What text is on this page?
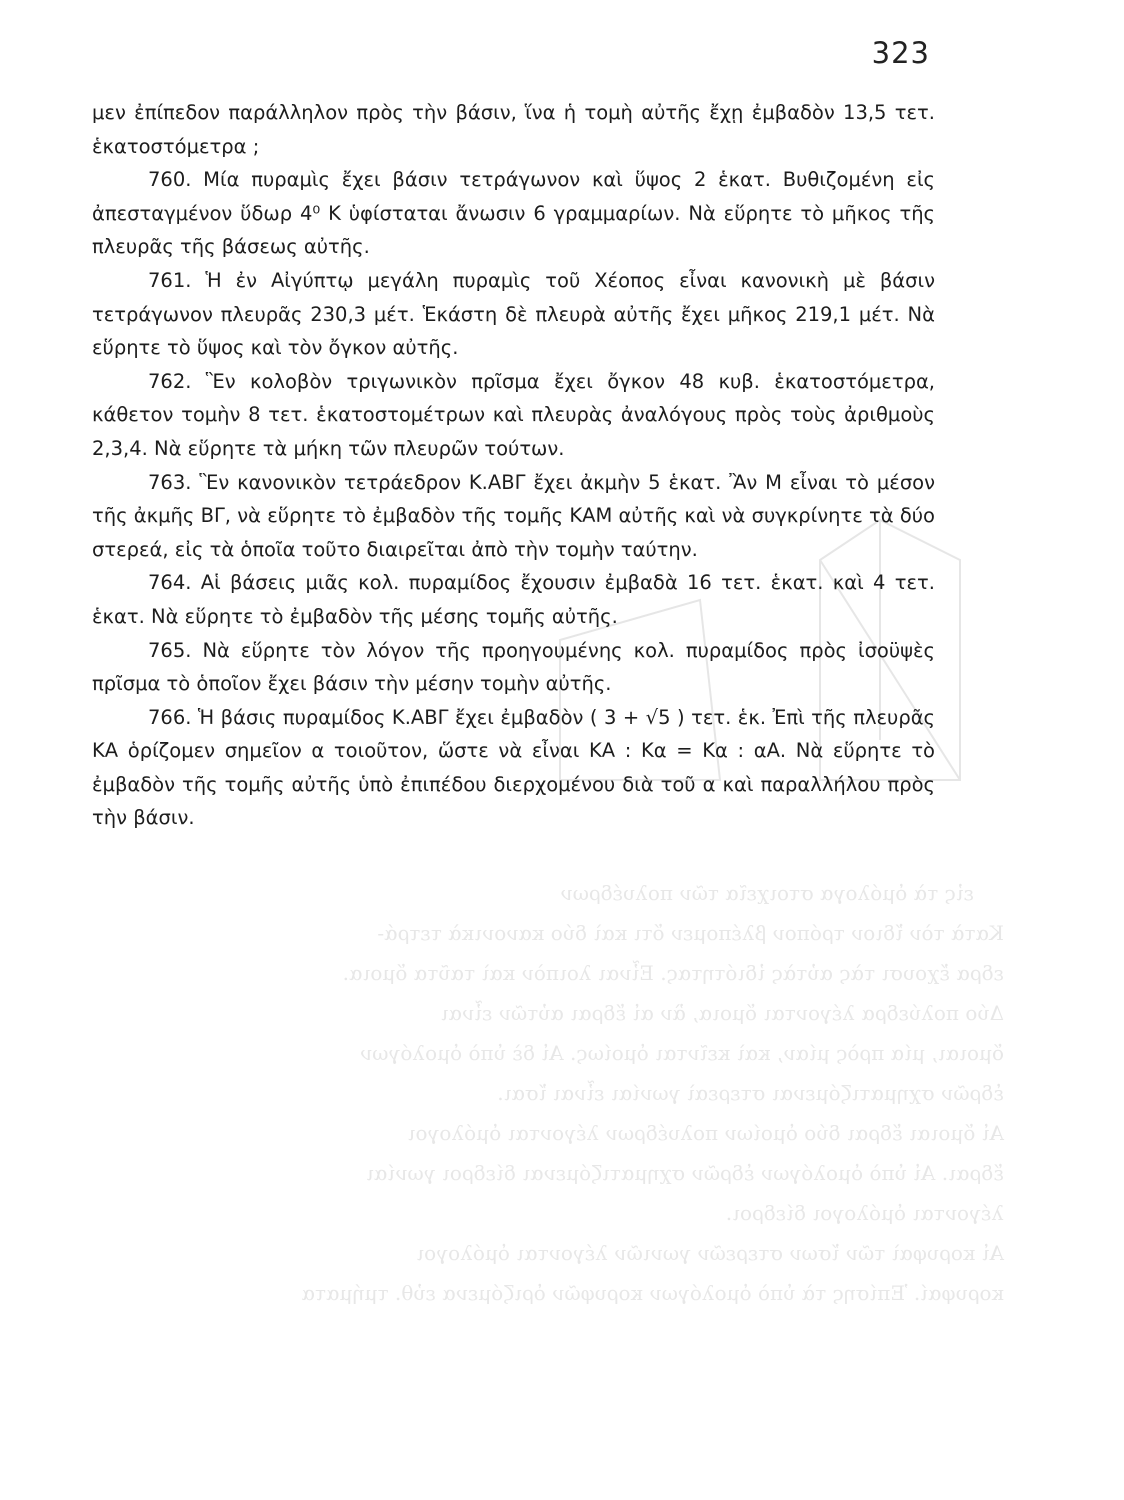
εἰς τὰ ὁμόλογα στοιχεῖα τῶν πολυέδρων
Κατὰ τὸν ἴδιον τρόπον βλέπομεν ὅτι καὶ δύο κανονικὰ τετρά-
εδρα ἔχουσι τὰς αὐτὰς ἰδιότητας. Εἶναι λοιπὸν καὶ ταῦτα ὅμοια.
Δύο πολύεδρα λέγονται ὅμοια, ἂν αἱ ἕδραι αὐτῶν εἶναι
ὅμοιαι, μία πρὸς μίαν, καὶ κεῖνται ὁμοίως. Αἱ δὲ ὑπὸ ὁμολόγων
ἑδρῶν σχηματιζόμεναι στερεαὶ γωνίαι εἶναι ἴσαι.
Αἱ ὅμοιαι ἕδραι δύο ὁμοίων πολυέδρων λέγονται ὁμόλογοι
ἕδραι. Αἱ ὑπὸ ὁμολόγων ἑδρῶν σχηματιζόμεναι δίεδροι γωνίαι
λέγονται ὁμόλογοι δίεδροι.
Αἱ κορυφαὶ τῶν ἴσων στερεῶν γωνιῶν λέγονται ὁμόλογοι
κορυφαί. Ἐπίσης τὰ ὑπὸ ὁμολόγων κορυφῶν ὁριζόμενα εὐθ. τμήματα
323

μεν ἐπίπεδον παράλληλον πρὸς τὴν βάσιν, ἵνα ἡ τομὴ αὐτῆς ἔχῃ ἐμβαδὸν 13,5 τετ. ἑκατοστόμετρα ;

760. Μία πυραμὶς ἔχει βάσιν τετράγωνον καὶ ὕψος 2 ἑκατ. Βυθιζομένη εἰς ἀπεσταγμένον ὕδωρ 4⁰ Κ ὑφίσταται ἄνωσιν 6 γραμμαρίων. Νὰ εὕρητε τὸ μῆκος τῆς πλευρᾶς τῆς βάσεως αὐτῆς.

761. Ἡ ἐν Αἰγύπτῳ μεγάλη πυραμὶς τοῦ Χέοπος εἶναι κανονικὴ μὲ βάσιν τετράγωνον πλευρᾶς 230,3 μέτ. Ἑκάστη δὲ πλευρὰ αὐτῆς ἔχει μῆκος 219,1 μέτ. Νὰ εὕρητε τὸ ὕψος καὶ τὸν ὄγκον αὐτῆς.

762. Ἓν κολοβὸν τριγωνικὸν πρῖσμα ἔχει ὄγκον 48 κυβ. ἑκατοστόμετρα, κάθετον τομὴν 8 τετ. ἑκατοστομέτρων καὶ πλευρὰς ἀναλόγους πρὸς τοὺς ἀριθμοὺς 2,3,4. Νὰ εὕρητε τὰ μήκη τῶν πλευρῶν τούτων.

763. Ἓν κανονικὸν τετράεδρον Κ.ΑΒΓ ἔχει ἀκμὴν 5 ἑκατ. Ἂν Μ εἶναι τὸ μέσον τῆς ἀκμῆς ΒΓ, νὰ εὕρητε τὸ ἐμβαδὸν τῆς τομῆς ΚΑΜ αὐτῆς καὶ νὰ συγκρίνητε τὰ δύο στερεά, εἰς τὰ ὁποῖα τοῦτο διαιρεῖται ἀπὸ τὴν τομὴν ταύτην.

764. Αἱ βάσεις μιᾶς κολ. πυραμίδος ἔχουσιν ἐμβαδὰ 16 τετ. ἑκατ. καὶ 4 τετ. ἑκατ. Νὰ εὕρητε τὸ ἐμβαδὸν τῆς μέσης τομῆς αὐτῆς.

765. Νὰ εὕρητε τὸν λόγον τῆς προηγουμένης κολ. πυραμίδος πρὸς ἰσοϋψὲς πρῖσμα τὸ ὁποῖον ἔχει βάσιν τὴν μέσην τομὴν αὐτῆς.

766. Ἡ βάσις πυραμίδος Κ.ΑΒΓ ἔχει ἐμβαδὸν ( 3 + √5 ) τετ. ἑκ. Ἐπὶ τῆς πλευρᾶς ΚΑ ὁρίζομεν σημεῖον α τοιοῦτον, ὥστε νὰ εἶναι ΚΑ : Κα = Κα : αΑ. Νὰ εὕρητε τὸ ἐμβαδὸν τῆς τομῆς αὐτῆς ὑπὸ ἐπιπέδου διερχομένου διὰ τοῦ α καὶ παραλλήλου πρὸς τὴν βάσιν.
